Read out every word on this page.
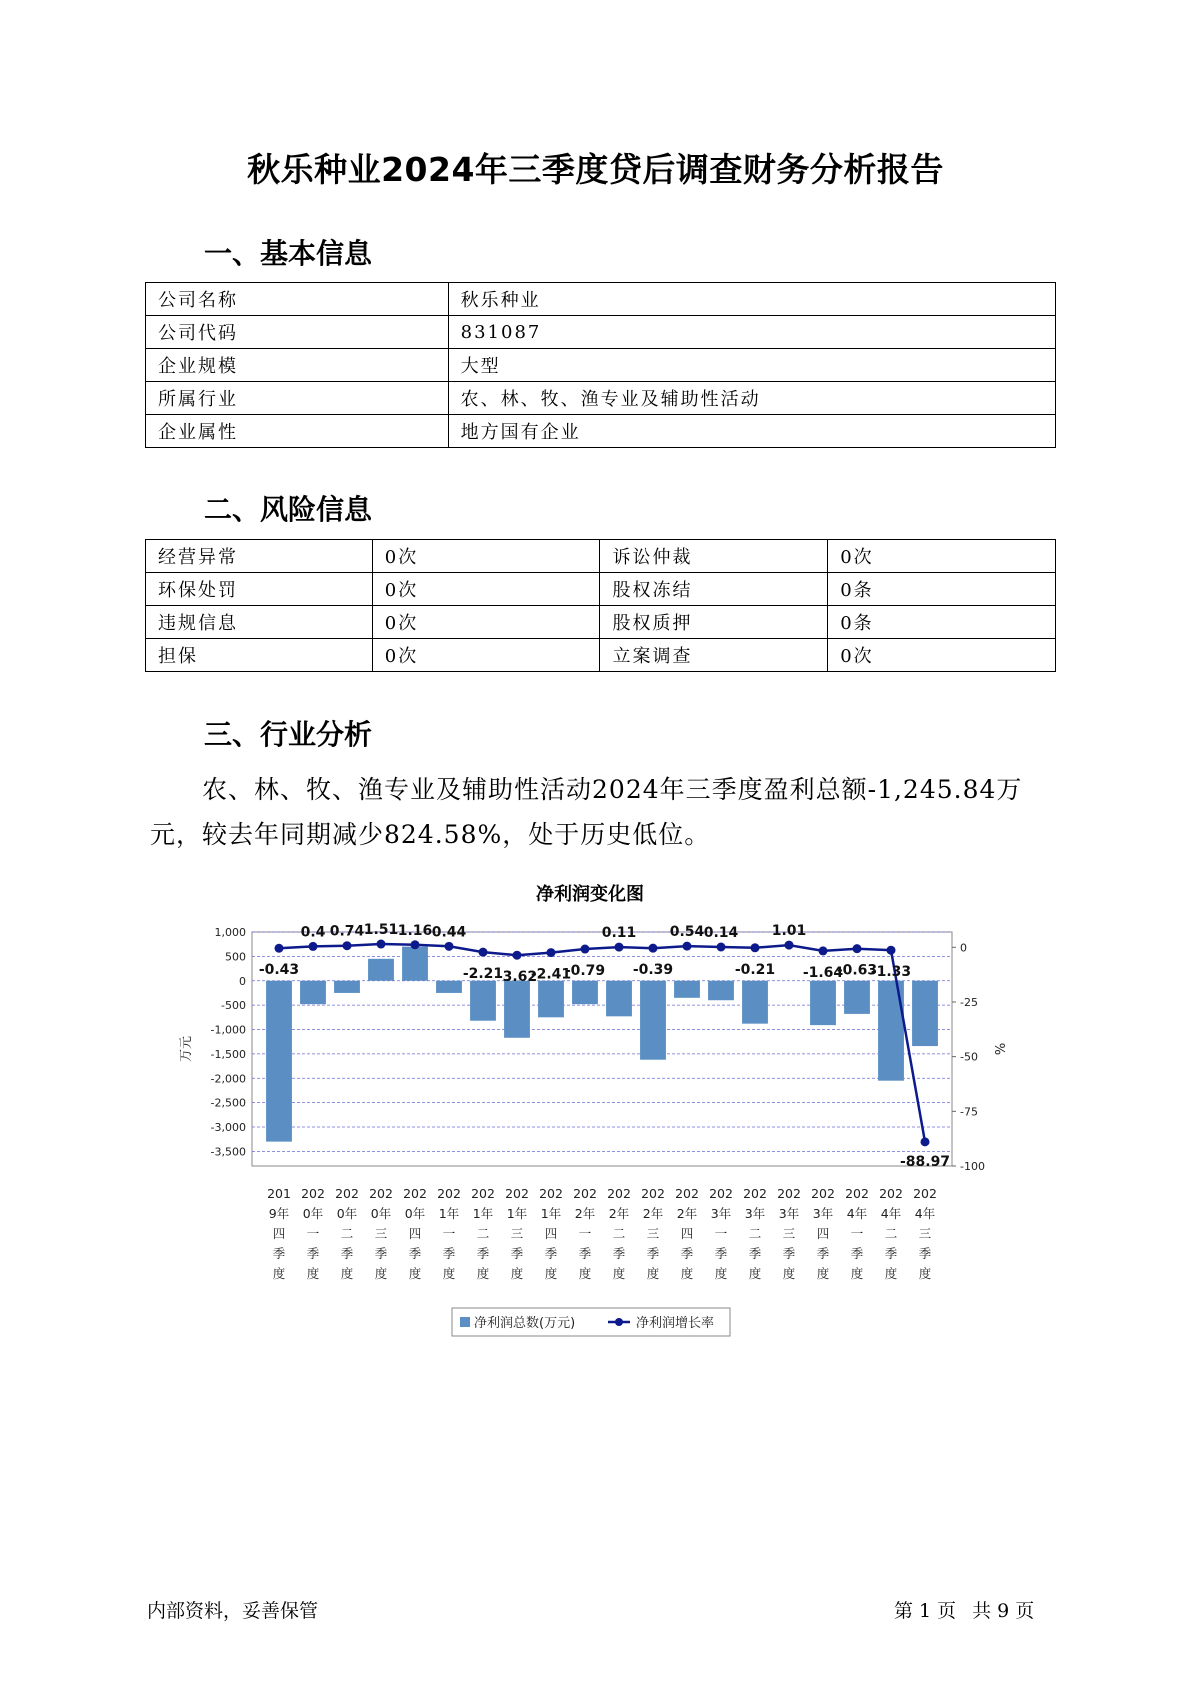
秋乐种业2024年三季度贷后调查财务分析报告
一、基本信息
公司名称	秋乐种业
公司代码	831087
企业规模	大型
所属行业	农、林、牧、渔专业及辅助性活动
企业属性	地方国有企业
二、风险信息
经营异常	0次	诉讼仲裁	0次
环保处罚	0次	股权冻结	0条
违规信息	0次	股权质押	0条
担保	0次	立案调查	0次
三、行业分析
农、林、牧、渔专业及辅助性活动2024年三季度盈利总额-1,245.84万元，较去年同期减少824.58%，处于历史低位。
净利润变化图
1,000
500
0
-500
-1,000
-1,500
-2,000
-2,500
-3,000
-3,500
0
-25
-50
-75
-100
万元	%
-0.43
0.4 0.74 1.51 1.16 0.44
-2.21
-3.62
-2.41
-0.79
0.11
-0.39
0.54 0.14
-0.21
1.01
-1.64
-0.63
-1.33
-88.97
201
9年
四
季
度
202
0年
一
季
度
202
0年
二
季
度
202
0年
三
季
度
202
0年
四
季
度
202
1年
一
季
度
202
1年
二
季
度
202
1年
三
季
度
202
1年
四
季
度
202
2年
一
季
度
202
2年
二
季
度
202
2年
三
季
度
202
2年
四
季
度
202
3年
一
季
度
202
3年
二
季
度
202
3年
三
季
度
202
3年
四
季
度
202
4年
一
季
度
202
4年
二
季
度
202
4年
三
季
度
净利润总数(万元)	净利润增长率
内部资料，妥善保管	第 1 页 共 9 页
